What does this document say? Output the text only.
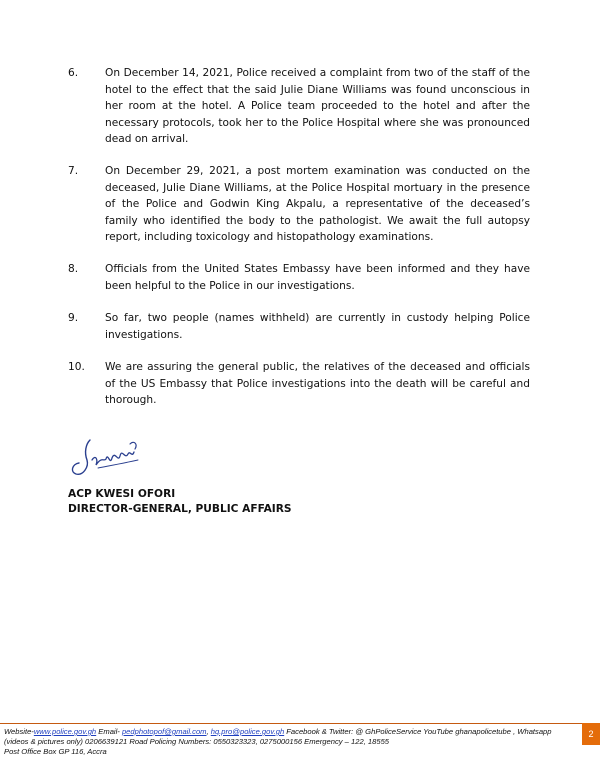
6.	On December 14, 2021, Police received a complaint from two of the staff of the hotel to the effect that the said Julie Diane Williams was found unconscious in her room at the hotel. A Police team proceeded to the hotel and after the necessary protocols, took her to the Police Hospital where she was pronounced dead on arrival.
7.	On December 29, 2021, a post mortem examination was conducted on the deceased, Julie Diane Williams, at the Police Hospital mortuary in the presence of the Police and Godwin King Akpalu, a representative of the deceased’s family who identified the body to the pathologist. We await the full autopsy report, including toxicology and histopathology examinations.
8.	Officials from the United States Embassy have been informed and they have been helpful to the Police in our investigations.
9.	So far, two people (names withheld) are currently in custody helping Police investigations.
10.	We are assuring the general public, the relatives of the deceased and officials of the US Embassy that Police investigations into the death will be careful and thorough.
ACP KWESI OFORI
DIRECTOR-GENERAL, PUBLIC AFFAIRS
Website-www.police.gov.gh Email- pedphotopof@gmail.com, hq.pro@police.gov.gh Facebook & Twitter: @ GhPoliceService YouTube ghanapolicetube , Whatsapp (videos & pictures only) 0206639121 Road Policing Numbers: 0550323323, 0275000156 Emergency – 122, 18555
Post Office Box GP 116, Accra
2
